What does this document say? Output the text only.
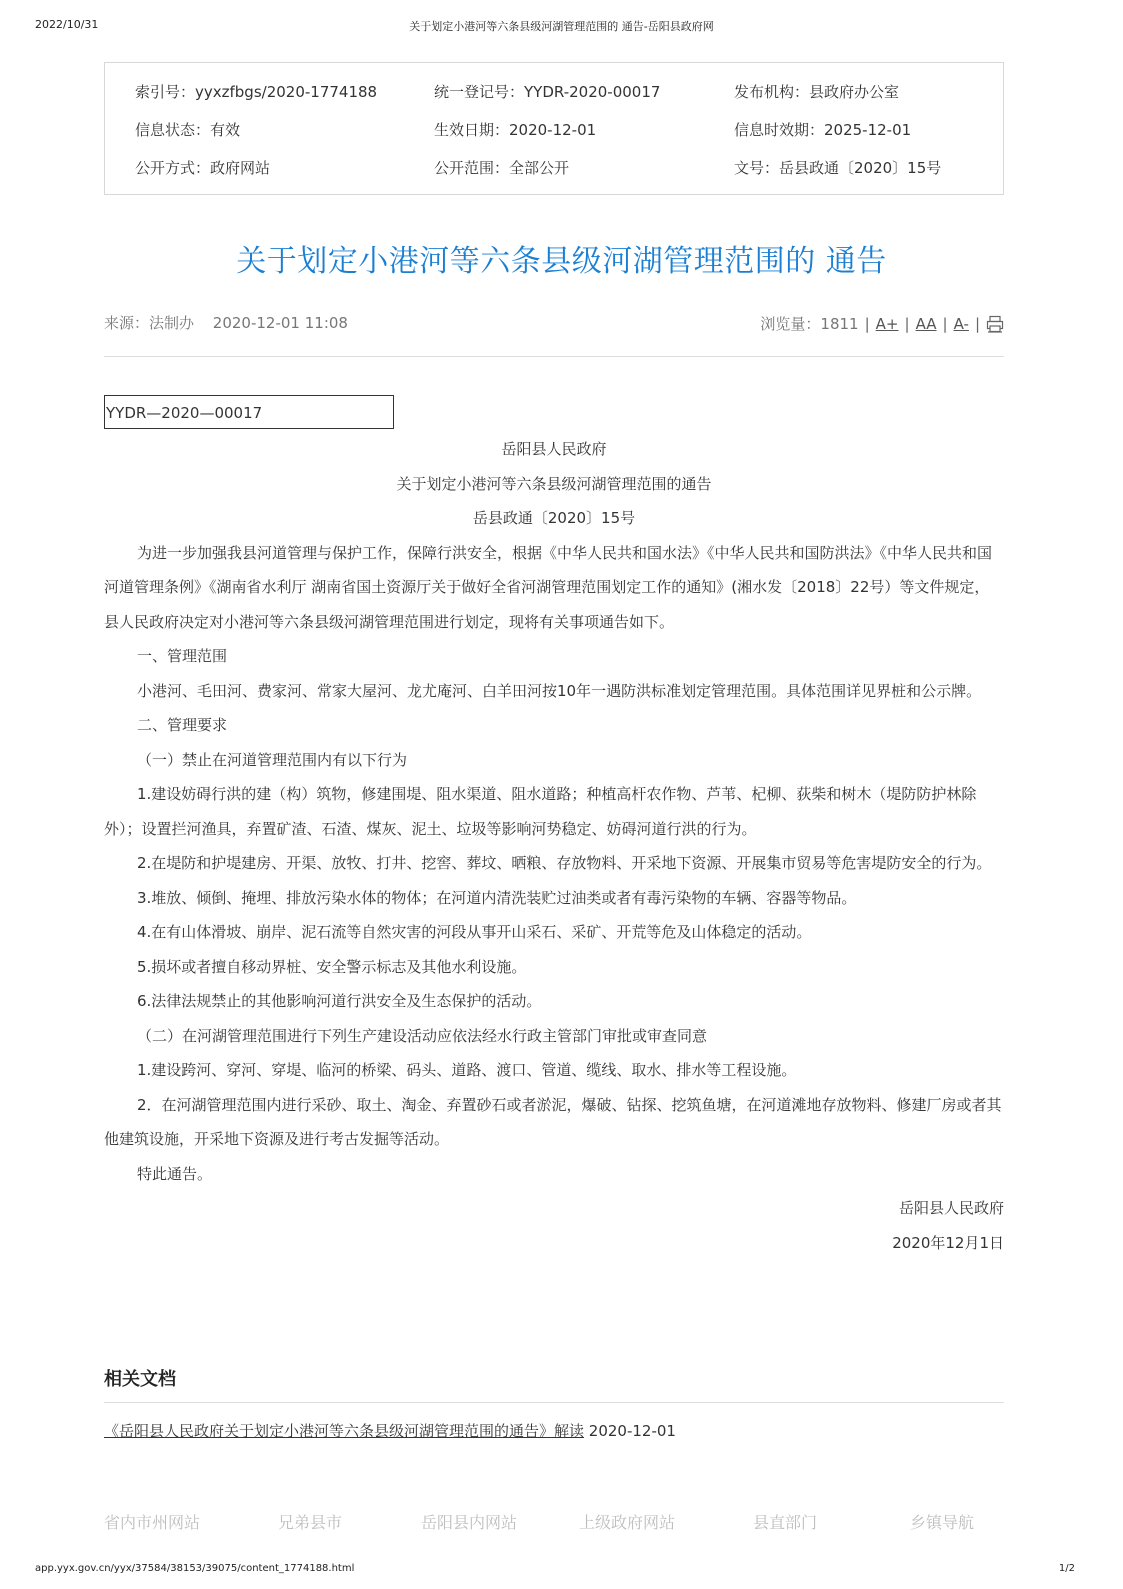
2022/10/31	关于划定小港河等六条县级河湖管理范围的 通告-岳阳县政府网
索引号：yyxzfbgs/2020-1774188	统一登记号：YYDR-2020-00017	发布机构：县政府办公室
信息状态：有效	生效日期：2020-12-01	信息时效期：2025-12-01
公开方式：政府网站	公开范围：全部公开	文号：岳县政通〔2020〕15号
关于划定小港河等六条县级河湖管理范围的 通告
来源：法制办 2020-12-01 11:08	浏览量：1811 | A+ | AA | A- |
YYDR—2020—00017

岳阳县人民政府

关于划定小港河等六条县级河湖管理范围的通告

岳县政通〔2020〕15号

为进一步加强我县河道管理与保护工作，保障行洪安全，根据《中华人民共和国水法》《中华人民共和国防洪法》《中华人民共和国河道管理条例》《湖南省水利厅 湖南省国土资源厅关于做好全省河湖管理范围划定工作的通知》(湘水发〔2018〕22号）等文件规定，县人民政府决定对小港河等六条县级河湖管理范围进行划定，现将有关事项通告如下。

一、管理范围

小港河、毛田河、费家河、常家大屋河、龙尤庵河、白羊田河按10年一遇防洪标准划定管理范围。具体范围详见界桩和公示牌。

二、管理要求

（一）禁止在河道管理范围内有以下行为

1.建设妨碍行洪的建（构）筑物，修建围堤、阻水渠道、阻水道路；种植高杆农作物、芦苇、杞柳、荻柴和树木（堤防防护林除外）；设置拦河渔具，弃置矿渣、石渣、煤灰、泥土、垃圾等影响河势稳定、妨碍河道行洪的行为。

2.在堤防和护堤建房、开渠、放牧、打井、挖窖、葬坟、晒粮、存放物料、开采地下资源、开展集市贸易等危害堤防安全的行为。

3.堆放、倾倒、掩埋、排放污染水体的物体；在河道内清洗装贮过油类或者有毒污染物的车辆、容器等物品。

4.在有山体滑坡、崩岸、泥石流等自然灾害的河段从事开山采石、采矿、开荒等危及山体稳定的活动。

5.损坏或者擅自移动界桩、安全警示标志及其他水利设施。

6.法律法规禁止的其他影响河道行洪安全及生态保护的活动。

（二）在河湖管理范围进行下列生产建设活动应依法经水行政主管部门审批或审查同意

1.建设跨河、穿河、穿堤、临河的桥梁、码头、道路、渡口、管道、缆线、取水、排水等工程设施。

2．在河湖管理范围内进行采砂、取土、淘金、弃置砂石或者淤泥，爆破、钻探、挖筑鱼塘，在河道滩地存放物料、修建厂房或者其他建筑设施，开采地下资源及进行考古发掘等活动。

特此通告。

岳阳县人民政府

2020年12月1日

相关文档
《岳阳县人民政府关于划定小港河等六条县级河湖管理范围的通告》解读 2020-12-01
省内市州网站	兄弟县市	岳阳县内网站	上级政府网站	县直部门	乡镇导航
app.yyx.gov.cn/yyx/37584/38153/39075/content_1774188.html	1/2
